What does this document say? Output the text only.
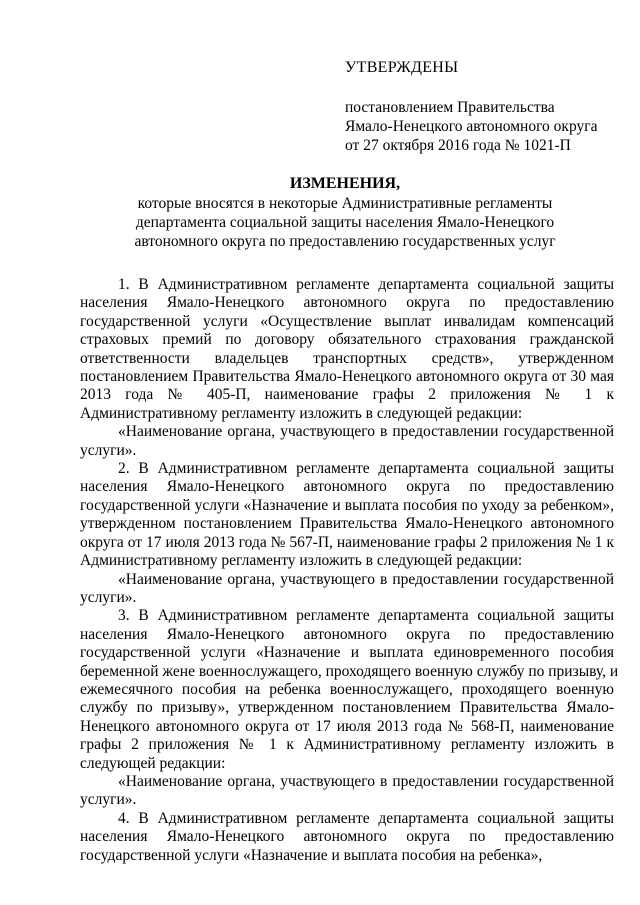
УТВЕРЖДЕНЫ

постановлением Правительства

Ямало-Ненецкого автономного округа

от 27 октября 2016 года № 1021-П

ИЗМЕНЕНИЯ,

которые вносятся в некоторые Административные регламенты

департамента социальной защиты населения Ямало-Ненецкого

автономного округа по предоставлению государственных услуг

1. В Административном регламенте департамента социальной защиты
населения Ямало-Ненецкого автономного округа по предоставлению
государственной услуги «Осуществление выплат инвалидам компенсаций
страховых премий по договору обязательного страхования гражданской
ответственности владельцев транспортных средств», утвержденном
постановлением Правительства Ямало-Ненецкого автономного округа от 30 мая
2013 года № 405-П, наименование графы 2 приложения № 1 к
Административному регламенту изложить в следующей редакции:
«Наименование органа, участвующего в предоставлении государственной
услуги».
2. В Административном регламенте департамента социальной защиты
населения Ямало-Ненецкого автономного округа по предоставлению
государственной услуги «Назначение и выплата пособия по уходу за ребенком»,
утвержденном постановлением Правительства Ямало-Ненецкого автономного
округа от 17 июля 2013 года № 567-П, наименование графы 2 приложения № 1 к
Административному регламенту изложить в следующей редакции:
«Наименование органа, участвующего в предоставлении государственной
услуги».
3. В Административном регламенте департамента социальной защиты
населения Ямало-Ненецкого автономного округа по предоставлению
государственной услуги «Назначение и выплата единовременного пособия
беременной жене военнослужащего, проходящего военную службу по призыву, и
ежемесячного пособия на ребенка военнослужащего, проходящего военную
службу по призыву», утвержденном постановлением Правительства Ямало-
Ненецкого автономного округа от 17 июля 2013 года № 568-П, наименование
графы 2 приложения № 1 к Административному регламенту изложить в
следующей редакции:
«Наименование органа, участвующего в предоставлении государственной
услуги».
4. В Административном регламенте департамента социальной защиты
населения Ямало-Ненецкого автономного округа по предоставлению
государственной услуги «Назначение и выплата пособия на ребенка»,
